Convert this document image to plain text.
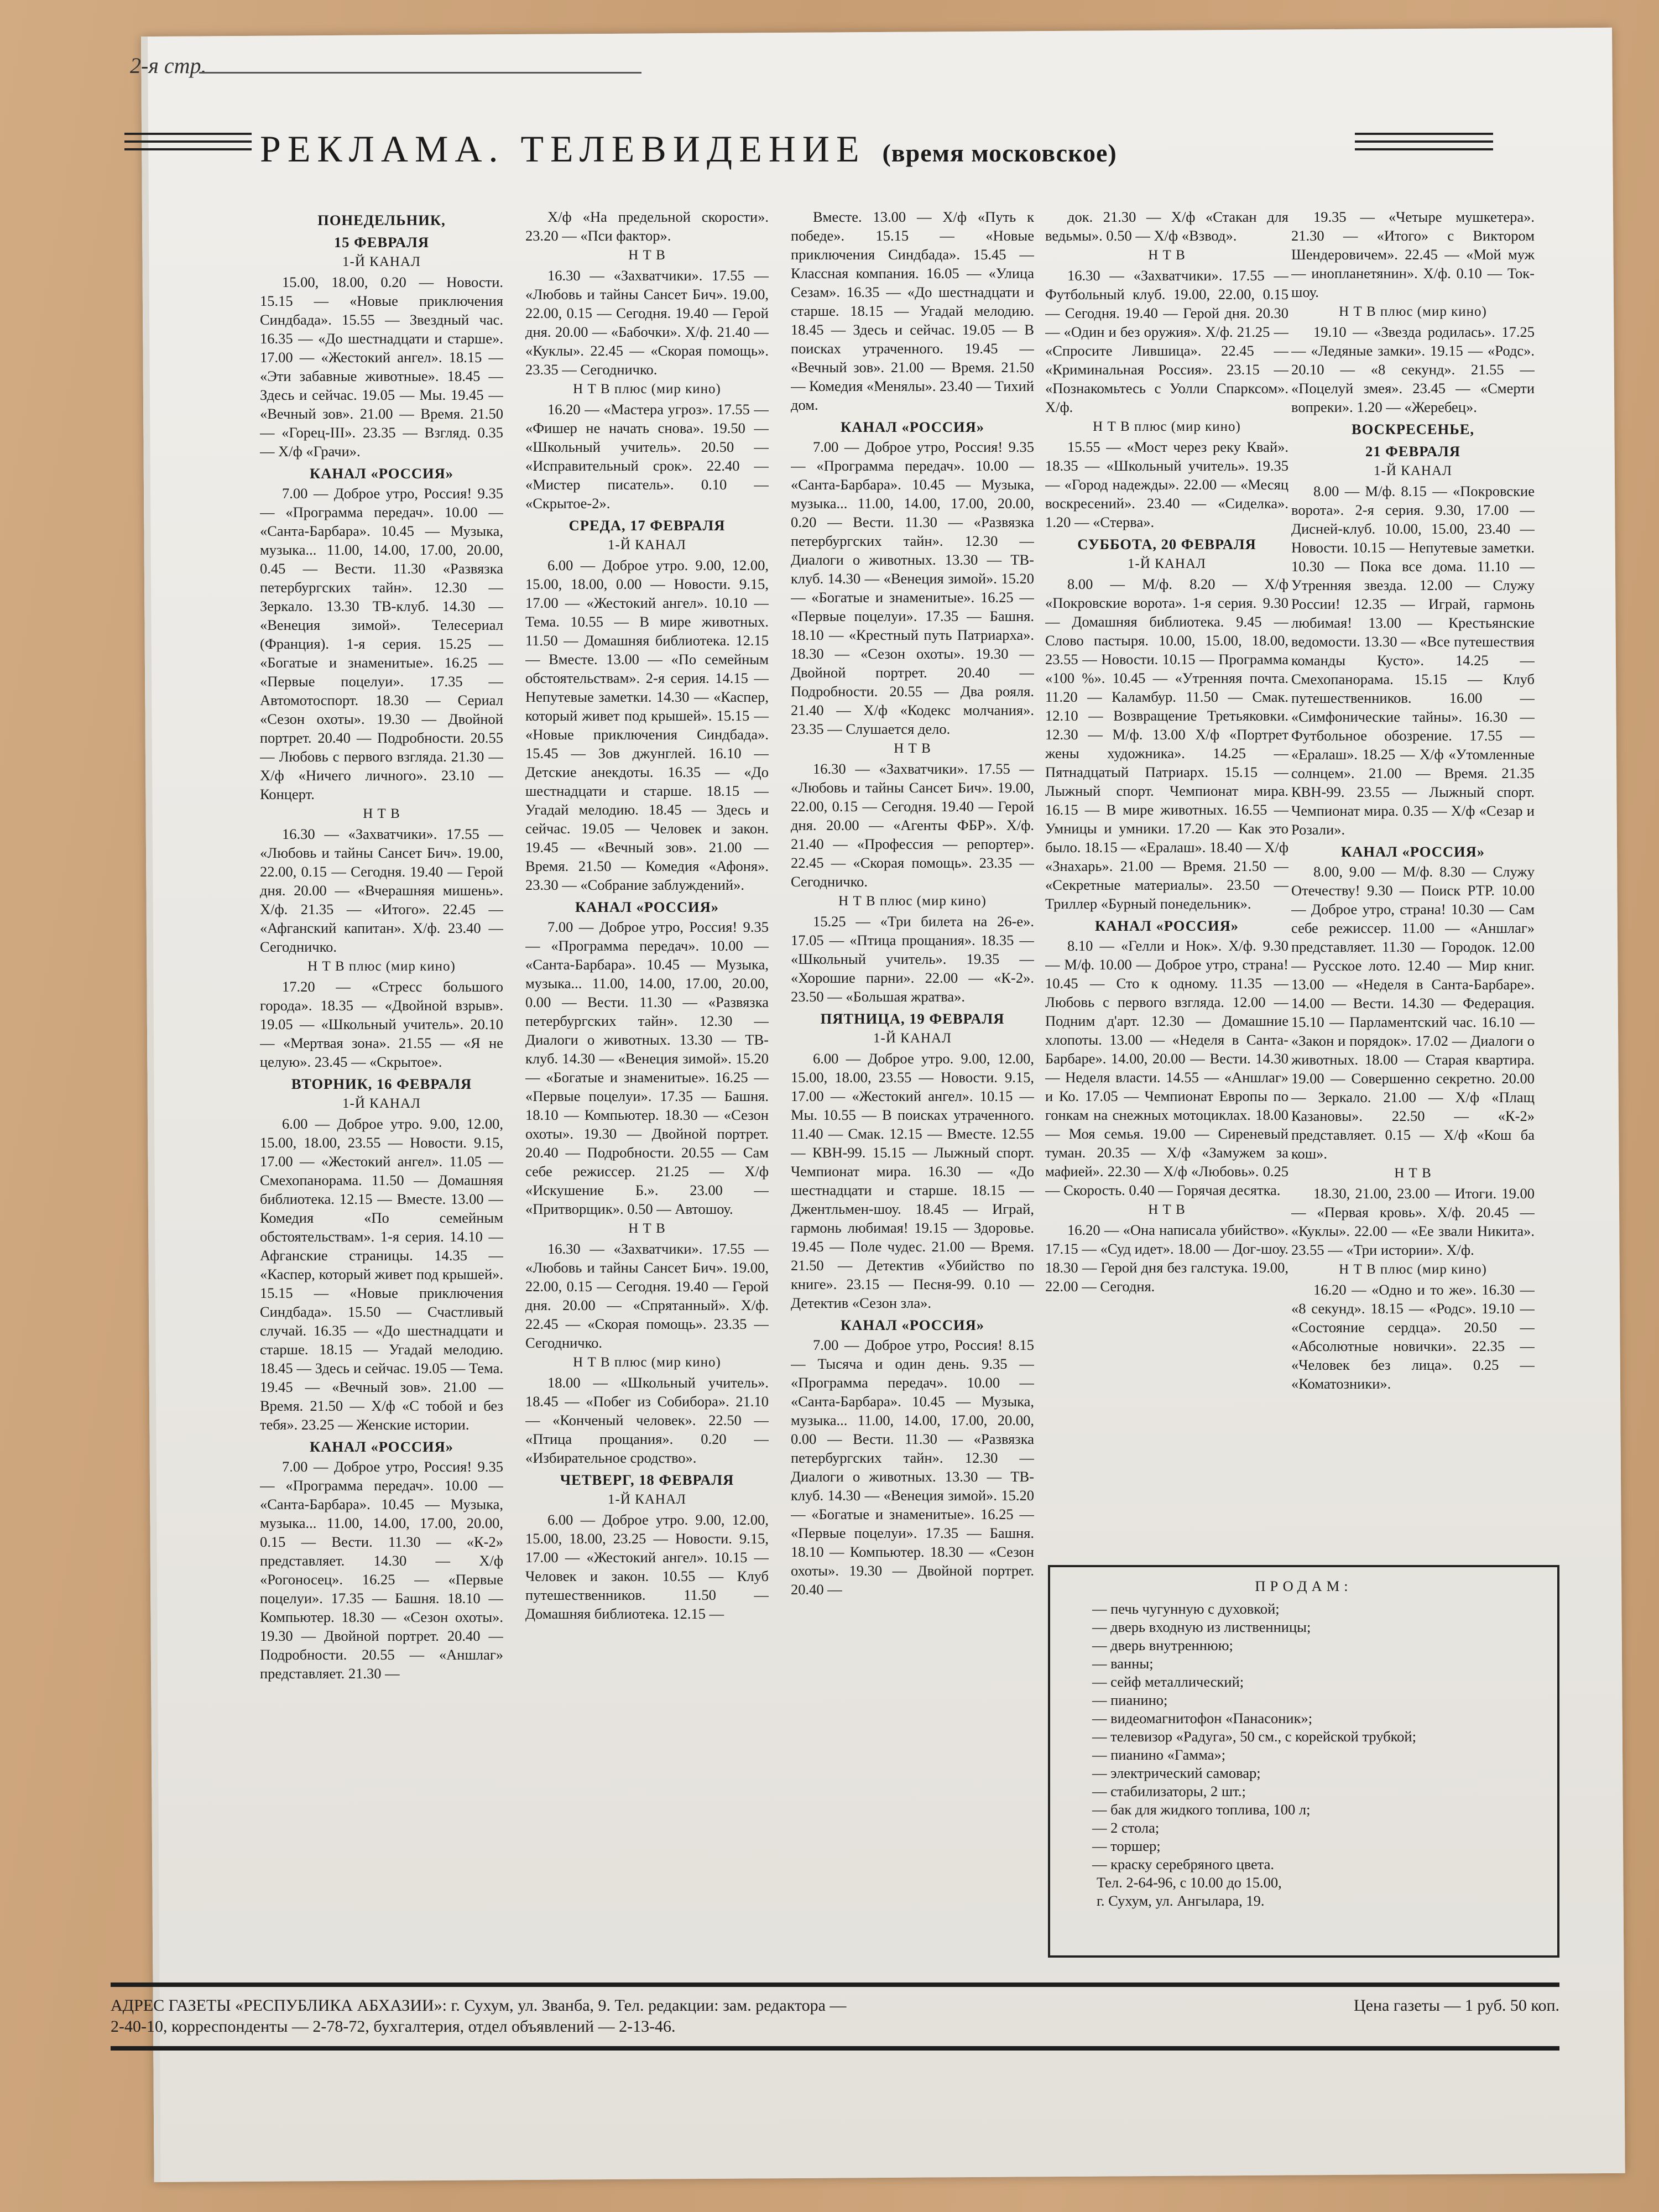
2-я стр.
РЕКЛАМА. ТЕЛЕВИДЕНИЕ (время московское)
ПОНЕДЕЛЬНИК,
15 ФЕВРАЛЯ
1-Й КАНАЛ

15.00, 18.00, 0.20 — Новости. 15.15 — «Новые приключения Синдбада». 15.55 — Звездный час. 16.35 — «До шестнадцати и старше». 17.00 — «Жестокий ангел». 18.15 — «Эти забавные животные». 18.45 — Здесь и сейчас. 19.05 — Мы. 19.45 — «Вечный зов». 21.00 — Время. 21.50 — «Горец-III». 23.35 — Взгляд. 0.35 — Х/ф «Грачи».

КАНАЛ «РОССИЯ»

7.00 — Доброе утро, Россия! 9.35 — «Программа передач». 10.00 — «Санта-Барбара». 10.45 — Музыка, музыка... 11.00, 14.00, 17.00, 20.00, 0.45 — Вести. 11.30 «Развязка петербургских тайн». 12.30 — Зеркало. 13.30 ТВ-клуб. 14.30 — «Венеция зимой». Телесериал (Франция). 1-я серия. 15.25 — «Богатые и знаменитые». 16.25 — «Первые поцелуи». 17.35 — Автомотоспорт. 18.30 — Сериал «Сезон охоты». 19.30 — Двойной портрет. 20.40 — Подробности. 20.55 — Любовь с первого взгляда. 21.30 — Х/ф «Ничего личного». 23.10 — Концерт.

Н Т В

16.30 — «Захватчики». 17.55 — «Любовь и тайны Сансет Бич». 19.00, 22.00, 0.15 — Сегодня. 19.40 — Герой дня. 20.00 — «Вчерашняя мишень». Х/ф. 21.35 — «Итого». 22.45 — «Афганский капитан». Х/ф. 23.40 — Сегодничко.

Н Т В плюс (мир кино)

17.20 — «Стресс большого города». 18.35 — «Двойной взрыв». 19.05 — «Школьный учитель». 20.10 — «Мертвая зона». 21.55 — «Я не целую». 23.45 — «Скрытое».

ВТОРНИК, 16 ФЕВРАЛЯ
1-Й КАНАЛ

6.00 — Доброе утро. 9.00, 12.00, 15.00, 18.00, 23.55 — Новости. 9.15, 17.00 — «Жестокий ангел». 11.05 — Смехопанорама. 11.50 — Домашняя библиотека. 12.15 — Вместе. 13.00 — Комедия «По семейным обстоятельствам». 1-я серия. 14.10 — Афганские страницы. 14.35 — «Каспер, который живет под крышей». 15.15 — «Новые приключения Синдбада». 15.50 — Счастливый случай. 16.35 — «До шестнадцати и старше. 18.15 — Угадай мелодию. 18.45 — Здесь и сейчас. 19.05 — Тема. 19.45 — «Вечный зов». 21.00 — Время. 21.50 — Х/ф «С тобой и без тебя». 23.25 — Женские истории.

КАНАЛ «РОССИЯ»

7.00 — Доброе утро, Россия! 9.35 — «Программа передач». 10.00 — «Санта-Барбара». 10.45 — Музыка, музыка... 11.00, 14.00, 17.00, 20.00, 0.15 — Вести. 11.30 — «К-2» представляет. 14.30 — Х/ф «Рогоносец». 16.25 — «Первые поцелуи». 17.35 — Башня. 18.10 — Компьютер. 18.30 — «Сезон охоты». 19.30 — Двойной портрет. 20.40 — Подробности. 20.55 — «Аншлаг» представляет. 21.30 —

Х/ф «На предельной скорости». 23.20 — «Пси фактор».

Н Т В

16.30 — «Захватчики». 17.55 — «Любовь и тайны Сансет Бич». 19.00, 22.00, 0.15 — Сегодня. 19.40 — Герой дня. 20.00 — «Бабочки». Х/ф. 21.40 — «Куклы». 22.45 — «Скорая помощь». 23.35 — Сегодничко.

Н Т В плюс (мир кино)

16.20 — «Мастера угроз». 17.55 — «Фишер не начать снова». 19.50 — «Школьный учитель». 20.50 — «Исправительный срок». 22.40 — «Мистер писатель». 0.10 — «Скрытое-2».

СРЕДА, 17 ФЕВРАЛЯ
1-Й КАНАЛ

6.00 — Доброе утро. 9.00, 12.00, 15.00, 18.00, 0.00 — Новости. 9.15, 17.00 — «Жестокий ангел». 10.10 — Тема. 10.55 — В мире животных. 11.50 — Домашняя библиотека. 12.15 — Вместе. 13.00 — «По семейным обстоятельствам». 2-я серия. 14.15 — Непутевые заметки. 14.30 — «Каспер, который живет под крышей». 15.15 — «Новые приключения Синдбада». 15.45 — Зов джунглей. 16.10 — Детские анекдоты. 16.35 — «До шестнадцати и старше. 18.15 — Угадай мелодию. 18.45 — Здесь и сейчас. 19.05 — Человек и закон. 19.45 — «Вечный зов». 21.00 — Время. 21.50 — Комедия «Афоня». 23.30 — «Собрание заблуждений».

КАНАЛ «РОССИЯ»

7.00 — Доброе утро, Россия! 9.35 — «Программа передач». 10.00 — «Санта-Барбара». 10.45 — Музыка, музыка... 11.00, 14.00, 17.00, 20.00, 0.00 — Вести. 11.30 — «Развязка петербургских тайн». 12.30 — Диалоги о животных. 13.30 — ТВ-клуб. 14.30 — «Венеция зимой». 15.20 — «Богатые и знаменитые». 16.25 — «Первые поцелуи». 17.35 — Башня. 18.10 — Компьютер. 18.30 — «Сезон охоты». 19.30 — Двойной портрет. 20.40 — Подробности. 20.55 — Сам себе режиссер. 21.25 — Х/ф «Искушение Б.». 23.00 — «Притворщик». 0.50 — Автошоу.

Н Т В

16.30 — «Захватчики». 17.55 — «Любовь и тайны Сансет Бич». 19.00, 22.00, 0.15 — Сегодня. 19.40 — Герой дня. 20.00 — «Спрятанный». Х/ф. 22.45 — «Скорая помощь». 23.35 — Сегодничко.

Н Т В плюс (мир кино)

18.00 — «Школьный учитель». 18.45 — «Побег из Собибора». 21.10 — «Конченый человек». 22.50 — «Птица прощания». 0.20 — «Избирательное сродство».

ЧЕТВЕРГ, 18 ФЕВРАЛЯ
1-Й КАНАЛ

6.00 — Доброе утро. 9.00, 12.00, 15.00, 18.00, 23.25 — Новости. 9.15, 17.00 — «Жестокий ангел». 10.15 — Человек и закон. 10.55 — Клуб путешественников. 11.50 — Домашняя библиотека. 12.15 —

Вместе. 13.00 — Х/ф «Путь к победе». 15.15 — «Новые приключения Синдбада». 15.45 — Классная компания. 16.05 — «Улица Сезам». 16.35 — «До шестнадцати и старше. 18.15 — Угадай мелодию. 18.45 — Здесь и сейчас. 19.05 — В поисках утраченного. 19.45 — «Вечный зов». 21.00 — Время. 21.50 — Комедия «Менялы». 23.40 — Тихий дом.

КАНАЛ «РОССИЯ»

7.00 — Доброе утро, Россия! 9.35 — «Программа передач». 10.00 — «Санта-Барбара». 10.45 — Музыка, музыка... 11.00, 14.00, 17.00, 20.00, 0.20 — Вести. 11.30 — «Развязка петербургских тайн». 12.30 — Диалоги о животных. 13.30 — ТВ-клуб. 14.30 — «Венеция зимой». 15.20 — «Богатые и знаменитые». 16.25 — «Первые поцелуи». 17.35 — Башня. 18.10 — «Крестный путь Патриарха». 18.30 — «Сезон охоты». 19.30 — Двойной портрет. 20.40 — Подробности. 20.55 — Два рояля. 21.40 — Х/ф «Кодекс молчания». 23.35 — Слушается дело.

Н Т В

16.30 — «Захватчики». 17.55 — «Любовь и тайны Сансет Бич». 19.00, 22.00, 0.15 — Сегодня. 19.40 — Герой дня. 20.00 — «Агенты ФБР». Х/ф. 21.40 — «Профессия — репортер». 22.45 — «Скорая помощь». 23.35 — Сегодничко.

Н Т В плюс (мир кино)

15.25 — «Три билета на 26-е». 17.05 — «Птица прощания». 18.35 — «Школьный учитель». 19.35 — «Хорошие парни». 22.00 — «К-2». 23.50 — «Большая жратва».

ПЯТНИЦА, 19 ФЕВРАЛЯ
1-Й КАНАЛ

6.00 — Доброе утро. 9.00, 12.00, 15.00, 18.00, 23.55 — Новости. 9.15, 17.00 — «Жестокий ангел». 10.15 — Мы. 10.55 — В поисках утраченного. 11.40 — Смак. 12.15 — Вместе. 12.55 — КВН-99. 15.15 — Лыжный спорт. Чемпионат мира. 16.30 — «До шестнадцати и старше. 18.15 — Джентльмен-шоу. 18.45 — Играй, гармонь любимая! 19.15 — Здоровье. 19.45 — Поле чудес. 21.00 — Время. 21.50 — Детектив «Убийство по книге». 23.15 — Песня-99. 0.10 — Детектив «Сезон зла».

КАНАЛ «РОССИЯ»

7.00 — Доброе утро, Россия! 8.15 — Тысяча и один день. 9.35 — «Программа передач». 10.00 — «Санта-Барбара». 10.45 — Музыка, музыка... 11.00, 14.00, 17.00, 20.00, 0.00 — Вести. 11.30 — «Развязка петербургских тайн». 12.30 — Диалоги о животных. 13.30 — ТВ-клуб. 14.30 — «Венеция зимой». 15.20 — «Богатые и знаменитые». 16.25 — «Первые поцелуи». 17.35 — Башня. 18.10 — Компьютер. 18.30 — «Сезон охоты». 19.30 — Двойной портрет. 20.40 —

док. 21.30 — Х/ф «Стакан для ведьмы». 0.50 — Х/ф «Взвод».

Н Т В

16.30 — «Захватчики». 17.55 — Футбольный клуб. 19.00, 22.00, 0.15 — Сегодня. 19.40 — Герой дня. 20.30 — «Один и без оружия». Х/ф. 21.25 — «Спросите Лившица». 22.45 — «Криминальная Россия». 23.15 — «Познакомьтесь с Уолли Спарксом». Х/ф.

Н Т В плюс (мир кино)

15.55 — «Мост через реку Квай». 18.35 — «Школьный учитель». 19.35 — «Город надежды». 22.00 — «Месяц воскресений». 23.40 — «Сиделка». 1.20 — «Стерва».

СУББОТА, 20 ФЕВРАЛЯ
1-Й КАНАЛ

8.00 — М/ф. 8.20 — Х/ф «Покровские ворота». 1-я серия. 9.30 — Домашняя библиотека. 9.45 — Слово пастыря. 10.00, 15.00, 18.00, 23.55 — Новости. 10.15 — Программа «100 %». 10.45 — «Утренняя почта. 11.20 — Каламбур. 11.50 — Смак. 12.10 — Возвращение Третьяковки. 12.30 — М/ф. 13.00 Х/ф «Портрет жены художника». 14.25 — Пятнадцатый Патриарх. 15.15 — Лыжный спорт. Чемпионат мира. 16.15 — В мире животных. 16.55 — Умницы и умники. 17.20 — Как это было. 18.15 — «Ералаш». 18.40 — Х/ф «Знахарь». 21.00 — Время. 21.50 — «Секретные материалы». 23.50 — Триллер «Бурный понедельник».

КАНАЛ «РОССИЯ»

8.10 — «Гелли и Нок». Х/ф. 9.30 — М/ф. 10.00 — Доброе утро, страна! 10.45 — Сто к одному. 11.35 — Любовь с первого взгляда. 12.00 — Подним д'арт. 12.30 — Домашние хлопоты. 13.00 — «Неделя в Санта-Барбаре». 14.00, 20.00 — Вести. 14.30 — Неделя власти. 14.55 — «Аншлаг» и Ко. 17.05 — Чемпионат Европы по гонкам на снежных мотоциклах. 18.00 — Моя семья. 19.00 — Сиреневый туман. 20.35 — Х/ф «Замужем за мафией». 22.30 — Х/ф «Любовь». 0.25 — Скорость. 0.40 — Горячая десятка.

Н Т В

16.20 — «Она написала убийство». 17.15 — «Суд идет». 18.00 — Дог-шоу. 18.30 — Герой дня без галстука. 19.00, 22.00 — Сегодня.

19.35 — «Четыре мушкетера». 21.30 — «Итого» с Виктором Шендеровичем». 22.45 — «Мой муж — инопланетянин». Х/ф. 0.10 — Ток-шоу.

Н Т В плюс (мир кино)

19.10 — «Звезда родилась». 17.25 — «Ледяные замки». 19.15 — «Родс». 20.10 — «8 секунд». 21.55 — «Поцелуй змея». 23.45 — «Смерти вопреки». 1.20 — «Жеребец».

ВОСКРЕСЕНЬЕ,
21 ФЕВРАЛЯ
1-Й КАНАЛ

8.00 — М/ф. 8.15 — «Покровские ворота». 2-я серия. 9.30, 17.00 — Дисней-клуб. 10.00, 15.00, 23.40 — Новости. 10.15 — Непутевые заметки. 10.30 — Пока все дома. 11.10 — Утренняя звезда. 12.00 — Служу России! 12.35 — Играй, гармонь любимая! 13.00 — Крестьянские ведомости. 13.30 — «Все путешествия команды Кусто». 14.25 — Смехопанорама. 15.15 — Клуб путешественников. 16.00 — «Симфонические тайны». 16.30 — Футбольное обозрение. 17.55 — «Ералаш». 18.25 — Х/ф «Утомленные солнцем». 21.00 — Время. 21.35 КВН-99. 23.55 — Лыжный спорт. Чемпионат мира. 0.35 — Х/ф «Сезар и Розали».

КАНАЛ «РОССИЯ»

8.00, 9.00 — М/ф. 8.30 — Служу Отечеству! 9.30 — Поиск РТР. 10.00 — Доброе утро, страна! 10.30 — Сам себе режиссер. 11.00 — «Аншлаг» представляет. 11.30 — Городок. 12.00 — Русское лото. 12.40 — Мир книг. 13.00 — «Неделя в Санта-Барбаре». 14.00 — Вести. 14.30 — Федерация. 15.10 — Парламентский час. 16.10 — «Закон и порядок». 17.02 — Диалоги о животных. 18.00 — Старая квартира. 19.00 — Совершенно секретно. 20.00 — Зеркало. 21.00 — Х/ф «Плащ Казановы». 22.50 — «К-2» представляет. 0.15 — Х/ф «Кош ба кош».

Н Т В

18.30, 21.00, 23.00 — Итоги. 19.00 — «Первая кровь». Х/ф. 20.45 — «Куклы». 22.00 — «Ее звали Никита». 23.55 — «Три истории». Х/ф.

Н Т В плюс (мир кино)

16.20 — «Одно и то же». 16.30 — «8 секунд». 18.15 — «Родс». 19.10 — «Состояние сердца». 20.50 — «Абсолютные новички». 22.35 — «Человек без лица». 0.25 — «Коматозники».

ПРОДАМ:
— печь чугунную с духовкой;
— дверь входную из лиственницы;
— дверь внутреннюю;
— ванны;
— сейф металлический;
— пианино;
— видеомагнитофон «Панасоник»;
— телевизор «Радуга», 50 см., с корейской трубкой;
— пианино «Гамма»;
— электрический самовар;
— стабилизаторы, 2 шт.;
— бак для жидкого топлива, 100 л;
— 2 стола;
— торшер;
— краску серебряного цвета.
Тел. 2-64-96, с 10.00 до 15.00,
г. Сухум, ул. Ангылара, 19.
АДРЕС ГАЗЕТЫ «РЕСПУБЛИКА АБХАЗИИ»: г. Сухум, ул. Званба, 9. Тел. редакции: зам. редактора —
2-40-10, корреспонденты — 2-78-72, бухгалтерия, отдел объявлений — 2-13-46.
Цена газеты — 1 руб. 50 коп.
